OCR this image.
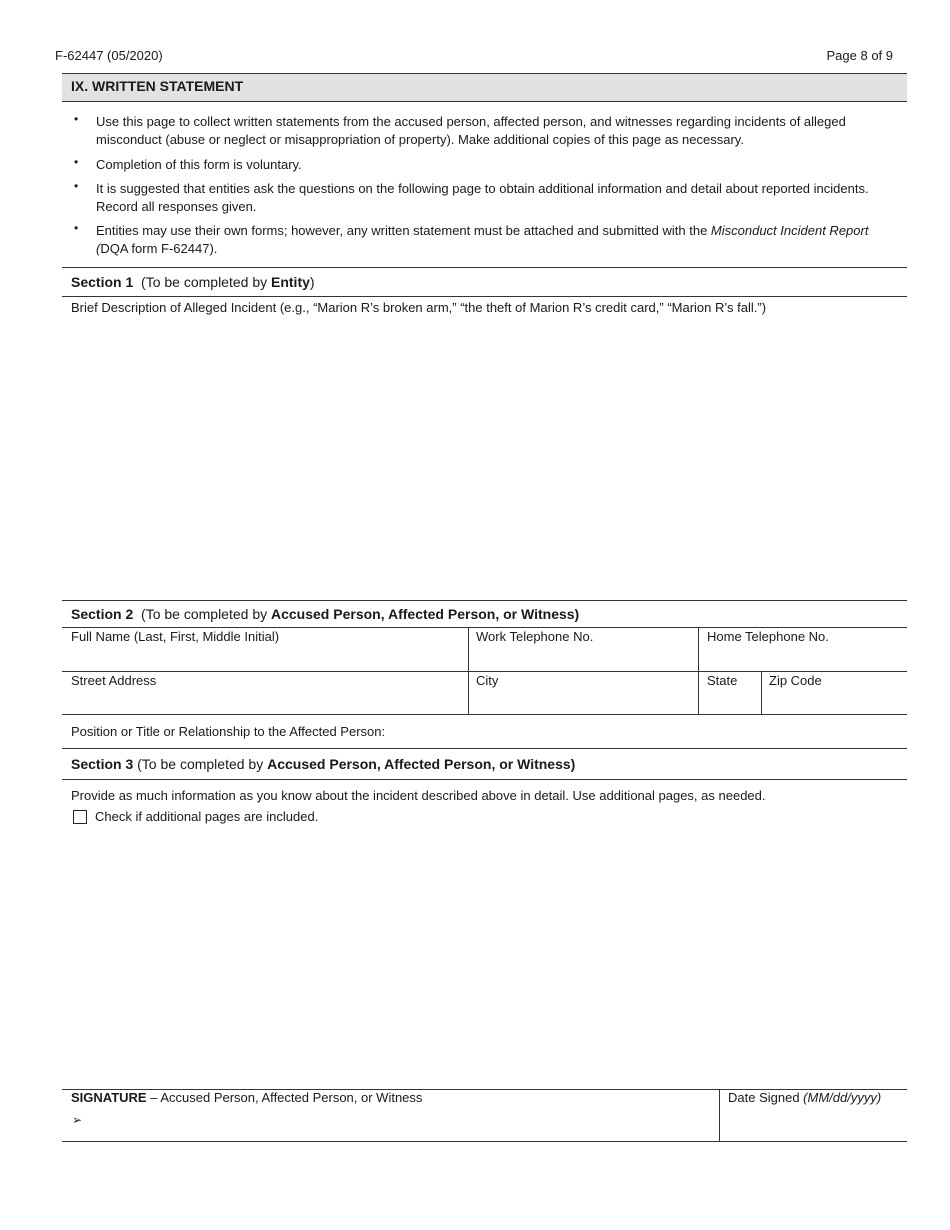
F-62447 (05/2020)	Page 8 of 9
IX. WRITTEN STATEMENT
• Use this page to collect written statements from the accused person, affected person, and witnesses regarding incidents of alleged misconduct (abuse or neglect or misappropriation of property). Make additional copies of this page as necessary.
• Completion of this form is voluntary.
• It is suggested that entities ask the questions on the following page to obtain additional information and detail about reported incidents. Record all responses given.
• Entities may use their own forms; however, any written statement must be attached and submitted with the Misconduct Incident Report (DQA form F-62447).
Section 1 (To be completed by Entity)
Brief Description of Alleged Incident (e.g., “Marion R’s broken arm,” “the theft of Marion R’s credit card,” “Marion R’s fall.”)
Section 2 (To be completed by Accused Person, Affected Person, or Witness)
Full Name (Last, First, Middle Initial)	Work Telephone No.	Home Telephone No.
Street Address	City	State Zip Code
Position or Title or Relationship to the Affected Person:
Section 3 (To be completed by Accused Person, Affected Person, or Witness)
Provide as much information as you know about the incident described above in detail. Use additional pages, as needed.
Check if additional pages are included.
SIGNATURE – Accused Person, Affected Person, or Witness
➢
Date Signed (MM/dd/yyyy)
